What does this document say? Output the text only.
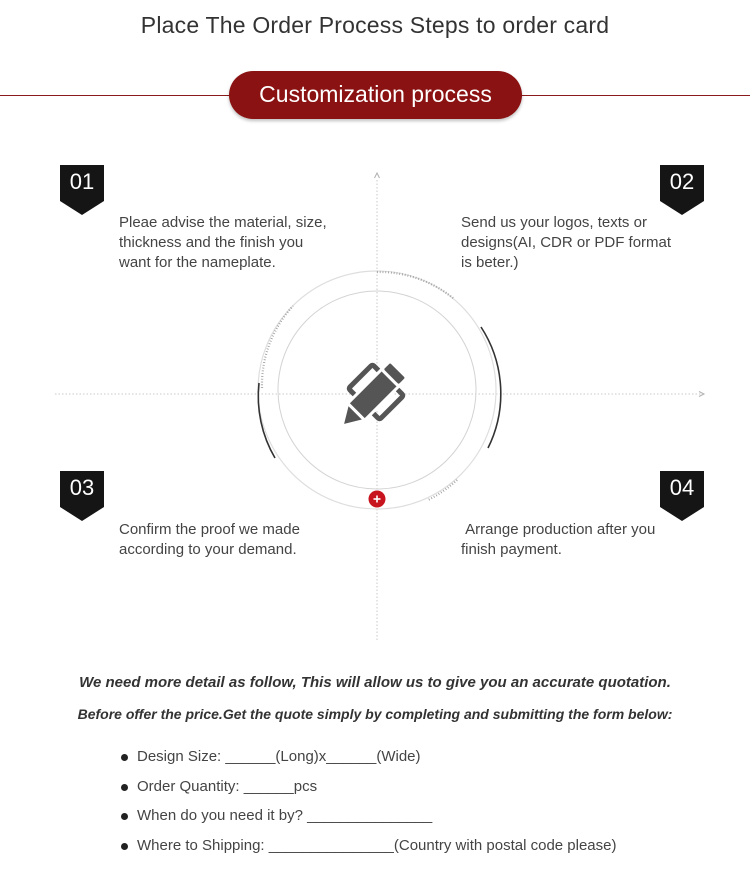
Place The Order Process Steps to order card
Customization process
01
Pleae advise the material, size, thickness and the finish you want for the nameplate.
02
Send us your logos, texts or designs(AI, CDR or PDF format is beter.)
03
Confirm the proof we made according to your demand.
04
Arrange production after you finish payment.
We need more detail as follow, This will allow us to give you an accurate quotation.
Before offer the price.Get the quote simply by completing and submitting the form below:
Design Size: ______(Long)x______(Wide)
Order Quantity: ______pcs
When do you need it by? _______________
Where to Shipping: _______________(Country with postal code please)
